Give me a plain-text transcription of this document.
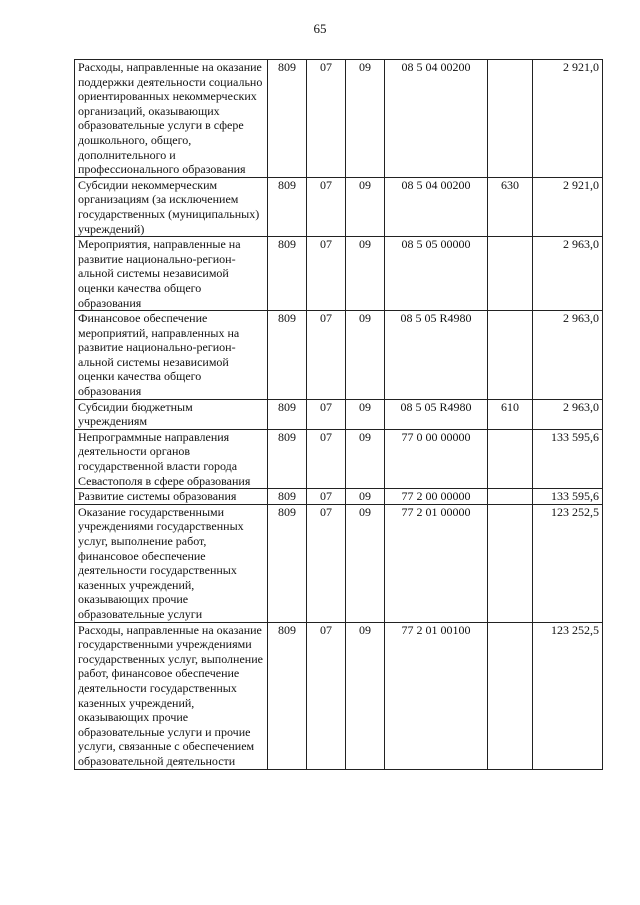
65
Расходы, направленные на оказание поддержки деятельности социально ориентированных некоммерческих организаций, оказывающих образовательные услуги в сфере дошкольного, общего, дополнительного и профессионального образования	809	07	09	08 5 04 00200		2 921,0
Субсидии некоммерческим организациям (за исключением государственных (муниципальных) учреждений)	809	07	09	08 5 04 00200	630	2 921,0
Мероприятия, направленные на развитие национально-региональной системы независимой оценки качества общего образования	809	07	09	08 5 05 00000		2 963,0
Финансовое обеспечение мероприятий, направленных на развитие национально-региональной системы независимой оценки качества общего образования	809	07	09	08 5 05 R4980		2 963,0
Субсидии бюджетным учреждениям	809	07	09	08 5 05 R4980	610	2 963,0
Непрограммные направления деятельности органов государственной власти города Севастополя в сфере образования	809	07	09	77 0 00 00000		133 595,6
Развитие системы образования	809	07	09	77 2 00 00000		133 595,6
Оказание государственными учреждениями государственных услуг, выполнение работ, финансовое обеспечение деятельности государственных казенных учреждений, оказывающих прочие образовательные услуги	809	07	09	77 2 01 00000		123 252,5
Расходы, направленные на оказание государственными учреждениями государственных услуг, выполнение работ, финансовое обеспечение деятельности государственных казенных учреждений, оказывающих прочие образовательные услуги и прочие услуги, связанные с обеспечением образовательной деятельности	809	07	09	77 2 01 00100		123 252,5
